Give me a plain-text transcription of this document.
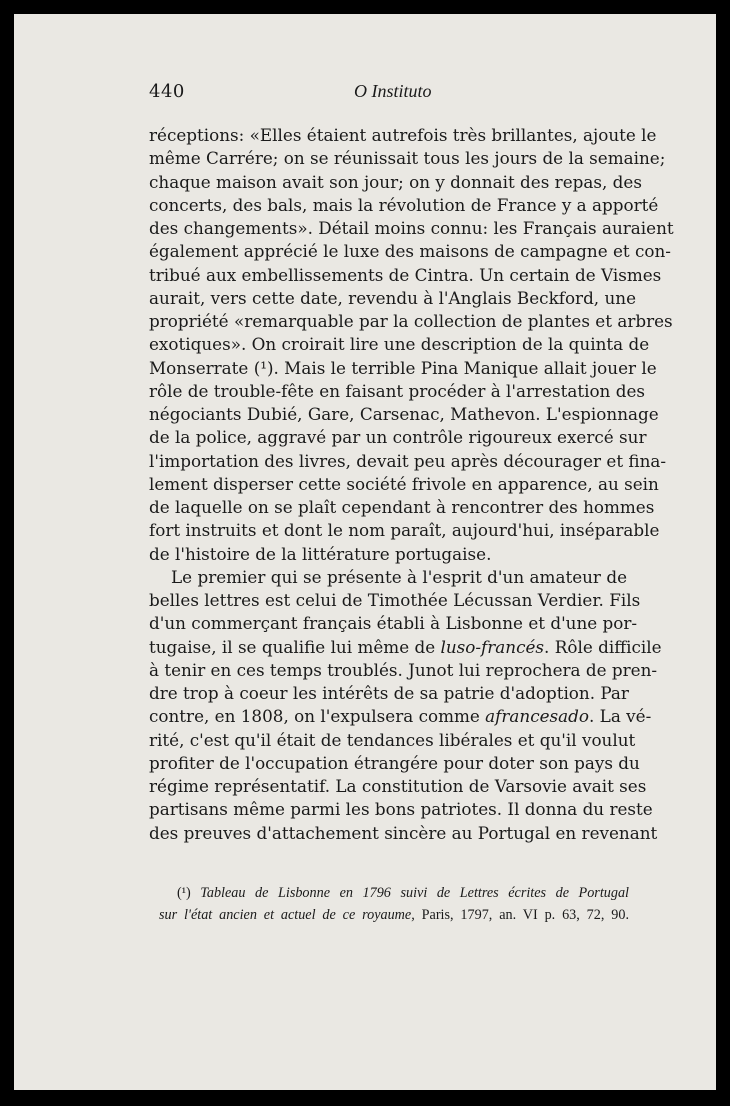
440	O Instituto
réceptions: «Elles étaient autrefois très brillantes, ajoute le
même Carrére; on se réunissait tous les jours de la semaine;
chaque maison avait son jour; on y donnait des repas, des
concerts, des bals, mais la révolution de France y a apporté
des changements». Détail moins connu: les Français auraient
également apprécié le luxe des maisons de campagne et con-
tribué aux embellissements de Cintra. Un certain de Vismes
aurait, vers cette date, revendu à l'Anglais Beckford, une
propriété «remarquable par la collection de plantes et arbres
exotiques». On croirait lire une description de la quinta de
Monserrate (¹). Mais le terrible Pina Manique allait jouer le
rôle de trouble-fête en faisant procéder à l'arrestation des
négociants Dubié, Gare, Carsenac, Mathevon. L'espionnage
de la police, aggravé par un contrôle rigoureux exercé sur
l'importation des livres, devait peu après décourager et fina-
lement disperser cette société frivole en apparence, au sein
de laquelle on se plaît cependant à rencontrer des hommes
fort instruits et dont le nom paraît, aujourd'hui, inséparable
de l'histoire de la littérature portugaise.
Le premier qui se présente à l'esprit d'un amateur de
belles lettres est celui de Timothée Lécussan Verdier. Fils
d'un commerçant français établi à Lisbonne et d'une por-
tugaise, il se qualifie lui même de luso-francés. Rôle difficile
à tenir en ces temps troublés. Junot lui reprochera de pren-
dre trop à coeur les intérêts de sa patrie d'adoption. Par
contre, en 1808, on l'expulsera comme afrancesado. La vé-
rité, c'est qu'il était de tendances libérales et qu'il voulut
profiter de l'occupation étrangére pour doter son pays du
régime représentatif. La constitution de Varsovie avait ses
partisans même parmi les bons patriotes. Il donna du reste
des preuves d'attachement sincère au Portugal en revenant
(¹) Tableau de Lisbonne en 1796 suivi de Lettres écrites de Portugal
sur l'état ancien et actuel de ce royaume, Paris, 1797, an. VI p. 63, 72, 90.
